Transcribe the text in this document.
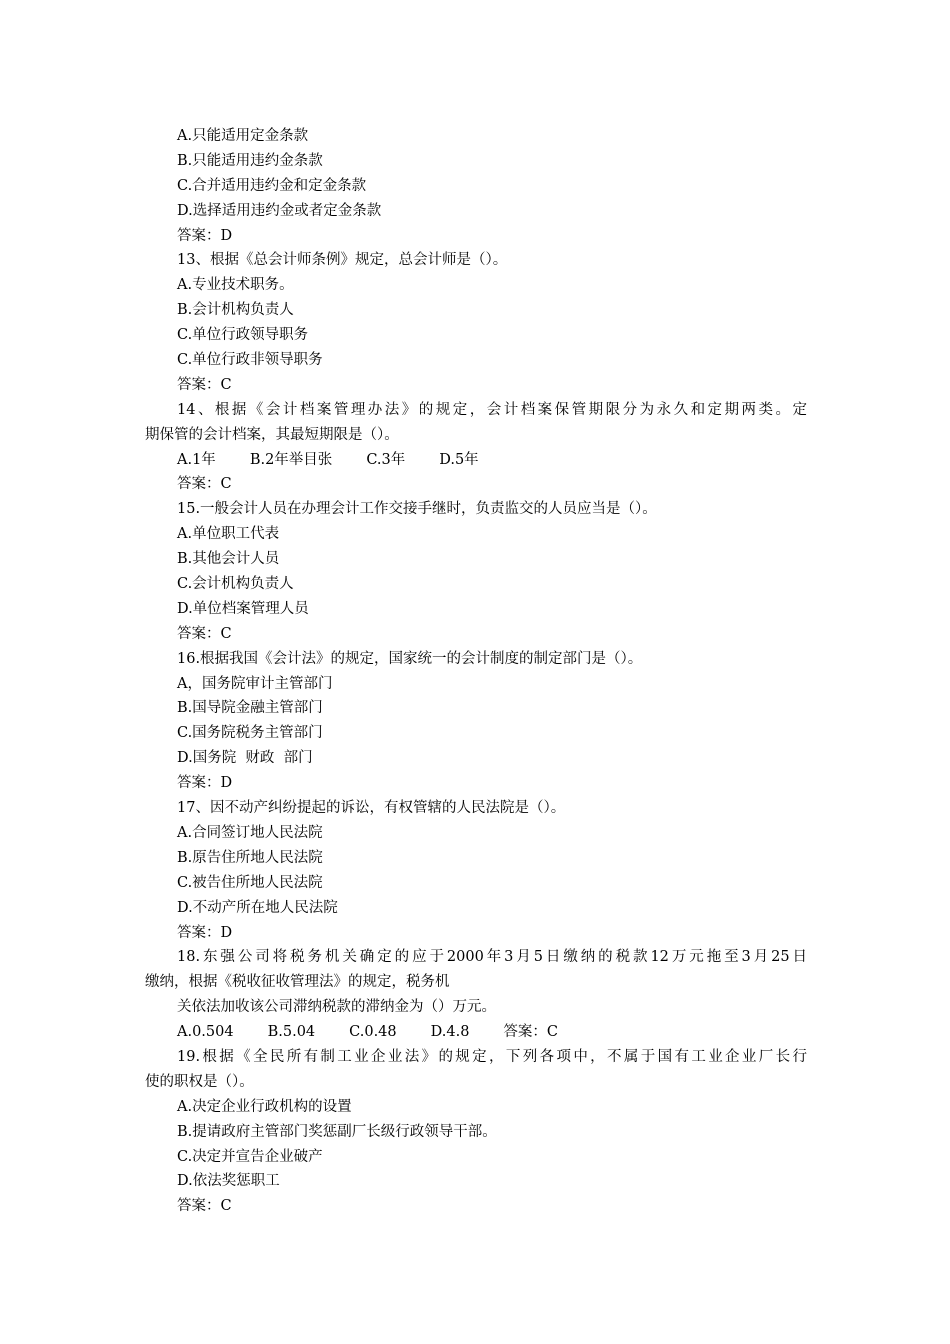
A.只能适用定金条款
B.只能适用违约金条款
C.合并适用违约金和定金条款
D.选择适用违约金或者定金条款
答案：D
13、根据《总会计师条例》规定，总会计师是（）。
A.专业技术职务。
B.会计机构负责人
C.单位行政领导职务
C.单位行政非领导职务
答案：C
14、根据《会计档案管理办法》的规定，会计档案保管期限分为永久和定期两类。定
期保管的会计档案，其最短期限是（）。
A.1年 B.2年举目张 C.3年 D.5年
答案：C
15.一般会计人员在办理会计工作交接手继时，负责监交的人员应当是（）。
A.单位职工代表
B.其他会计人员
C.会计机构负责人
D.单位档案管理人员
答案：C
16.根据我国《会计法》的规定，国家统一的会计制度的制定部门是（）。
A，国务院审计主管部门
B.国导院金融主管部门
C.国务院税务主管部门
D.国务院  财政  部门
答案：D
17、因不动产纠纷提起的诉讼，有权管辖的人民法院是（）。
A.合同签订地人民法院
B.原告住所地人民法院
C.被告住所地人民法院
D.不动产所在地人民法院
答案：D
18.东强公司将税务机关确定的应于2000年3月5日缴纳的税款12万元拖至3月25日
缴纳，根据《税收征收管理法》的规定，税务机
关依法加收该公司滞纳税款的滞纳金为（）万元。
A.0.504 B.5.04 C.0.48 D.4.8 答案：C
19.根据《全民所有制工业企业法》的规定，下列各项中，不属于国有工业企业厂长行
使的职权是（）。
A.决定企业行政机构的设置
B.提请政府主管部门奖惩副厂长级行政领导干部。
C.决定并宣告企业破产
D.依法奖惩职工
答案：C
